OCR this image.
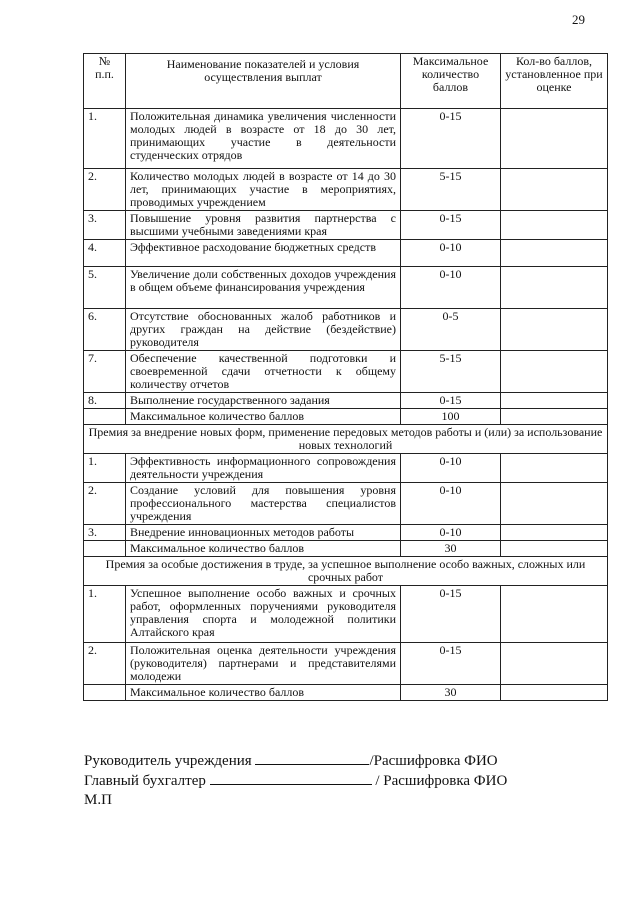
29
№
п.п.	Наименование показателей и условия осуществления выплат	Максимальное количество баллов	Кол-во баллов, установленное при оценке
1.	Положительная динамика увеличения численности молодых людей в возрасте от 18 до 30 лет, принимающих участие в деятельности студенческих отрядов	0-15	
2.	Количество молодых людей в возрасте от 14 до 30 лет, принимающих участие в мероприятиях, проводимых учреждением	5-15	
3.	Повышение уровня развития партнерства с высшими учебными заведениями края	0-15	
4.	Эффективное расходование бюджетных средств	0-10	
5.	Увеличение доли собственных доходов учреждения в общем объеме финансирования учреждения	0-10	
6.	Отсутствие обоснованных жалоб работников и других граждан на действие (бездействие) руководителя	0-5	
7.	Обеспечение качественной подготовки и своевременной сдачи отчетности к общему количеству отчетов	5-15	
8.	Выполнение государственного задания	0-15	
	Максимальное количество баллов	100	
Премия за внедрение новых форм, применение передовых методов работы и (или) за использование новых технологий			
1.	Эффективность информационного сопровождения деятельности учреждения	0-10	
2.	Создание условий для повышения уровня профессионального мастерства специалистов учреждения	0-10	
3.	Внедрение инновационных методов работы	0-10	
	Максимальное количество баллов	30	
Премия за особые достижения в труде, за успешное выполнение особо важных, сложных или срочных работ			
1.	Успешное выполнение особо важных и срочных работ, оформленных поручениями руководителя управления спорта и молодежной политики Алтайского края	0-15	
2.	Положительная оценка деятельности учреждения (руководителя) партнерами и представителями молодежи	0-15	
	Максимальное количество баллов	30	
Руководитель учреждения	/Расшифровка ФИО
Главный бухгалтер	/ Расшифровка ФИО
М.П
